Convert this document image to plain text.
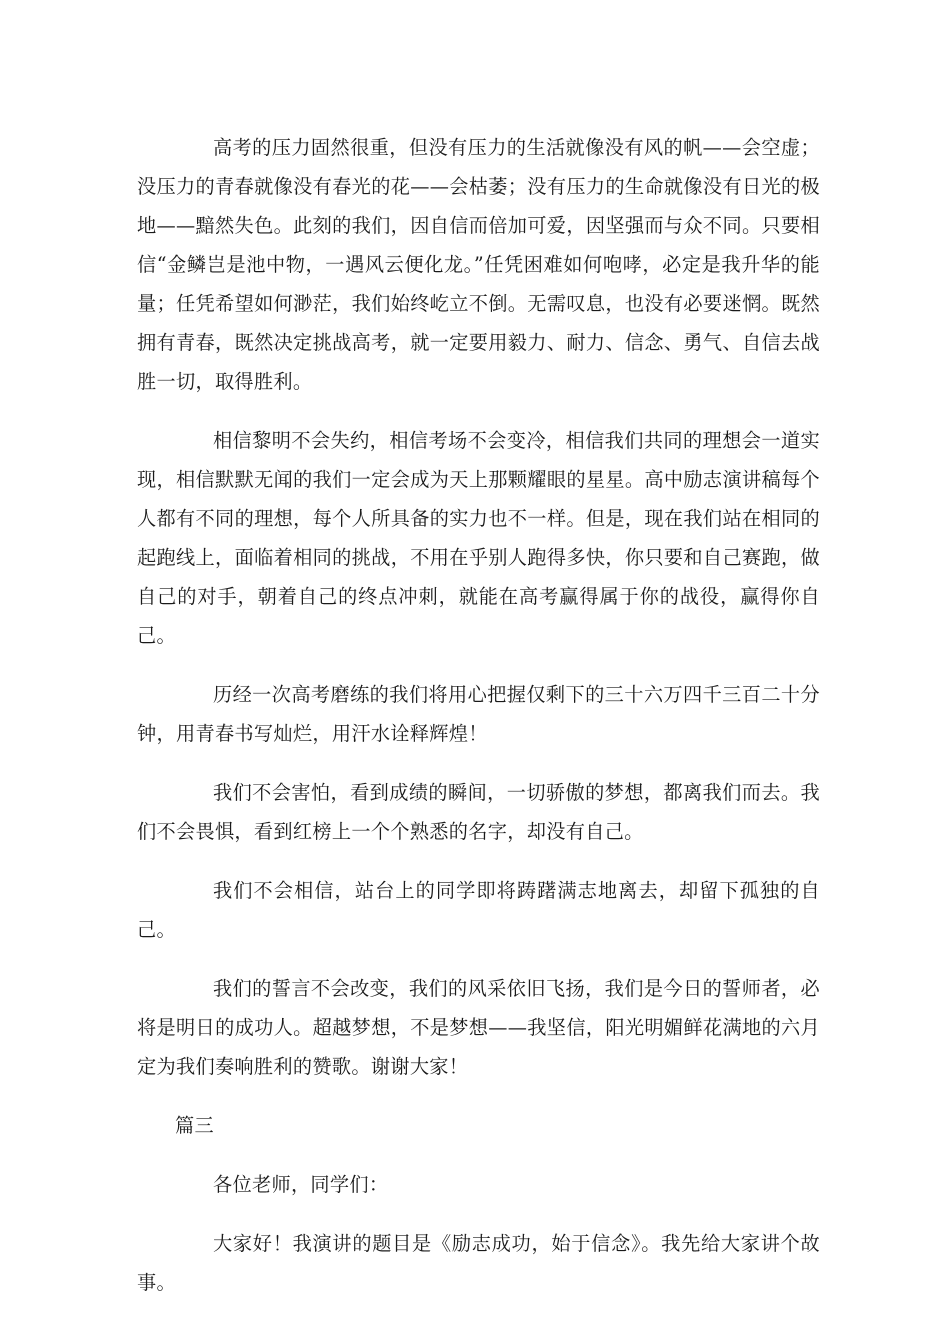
高考的压力固然很重，但没有压力的生活就像没有风的帆——会空虚；没压力的青春就像没有春光的花——会枯萎；没有压力的生命就像没有日光的极地——黯然失色。此刻的我们，因自信而倍加可爱，因坚强而与众不同。只要相信“金鳞岂是池中物，一遇风云便化龙。”任凭困难如何咆哮，必定是我升华的能量；任凭希望如何渺茫，我们始终屹立不倒。无需叹息，也没有必要迷惘。既然拥有青春，既然决定挑战高考，就一定要用毅力、耐力、信念、勇气、自信去战胜一切，取得胜利。

相信黎明不会失约，相信考场不会变冷，相信我们共同的理想会一道实现，相信默默无闻的我们一定会成为天上那颗耀眼的星星。高中励志演讲稿每个人都有不同的理想，每个人所具备的实力也不一样。但是，现在我们站在相同的起跑线上，面临着相同的挑战，不用在乎别人跑得多快，你只要和自己赛跑，做自己的对手，朝着自己的终点冲刺，就能在高考赢得属于你的战役，赢得你自己。

历经一次高考磨练的我们将用心把握仅剩下的三十六万四千三百二十分钟，用青春书写灿烂，用汗水诠释辉煌！

我们不会害怕，看到成绩的瞬间，一切骄傲的梦想，都离我们而去。我们不会畏惧，看到红榜上一个个熟悉的名字，却没有自己。

我们不会相信，站台上的同学即将踌躇满志地离去，却留下孤独的自己。

我们的誓言不会改变，我们的风采依旧飞扬，我们是今日的誓师者，必将是明日的成功人。超越梦想，不是梦想——我坚信，阳光明媚鲜花满地的六月定为我们奏响胜利的赞歌。谢谢大家！

篇三

各位老师，同学们：

大家好！我演讲的题目是《励志成功，始于信念》。我先给大家讲个故事。
